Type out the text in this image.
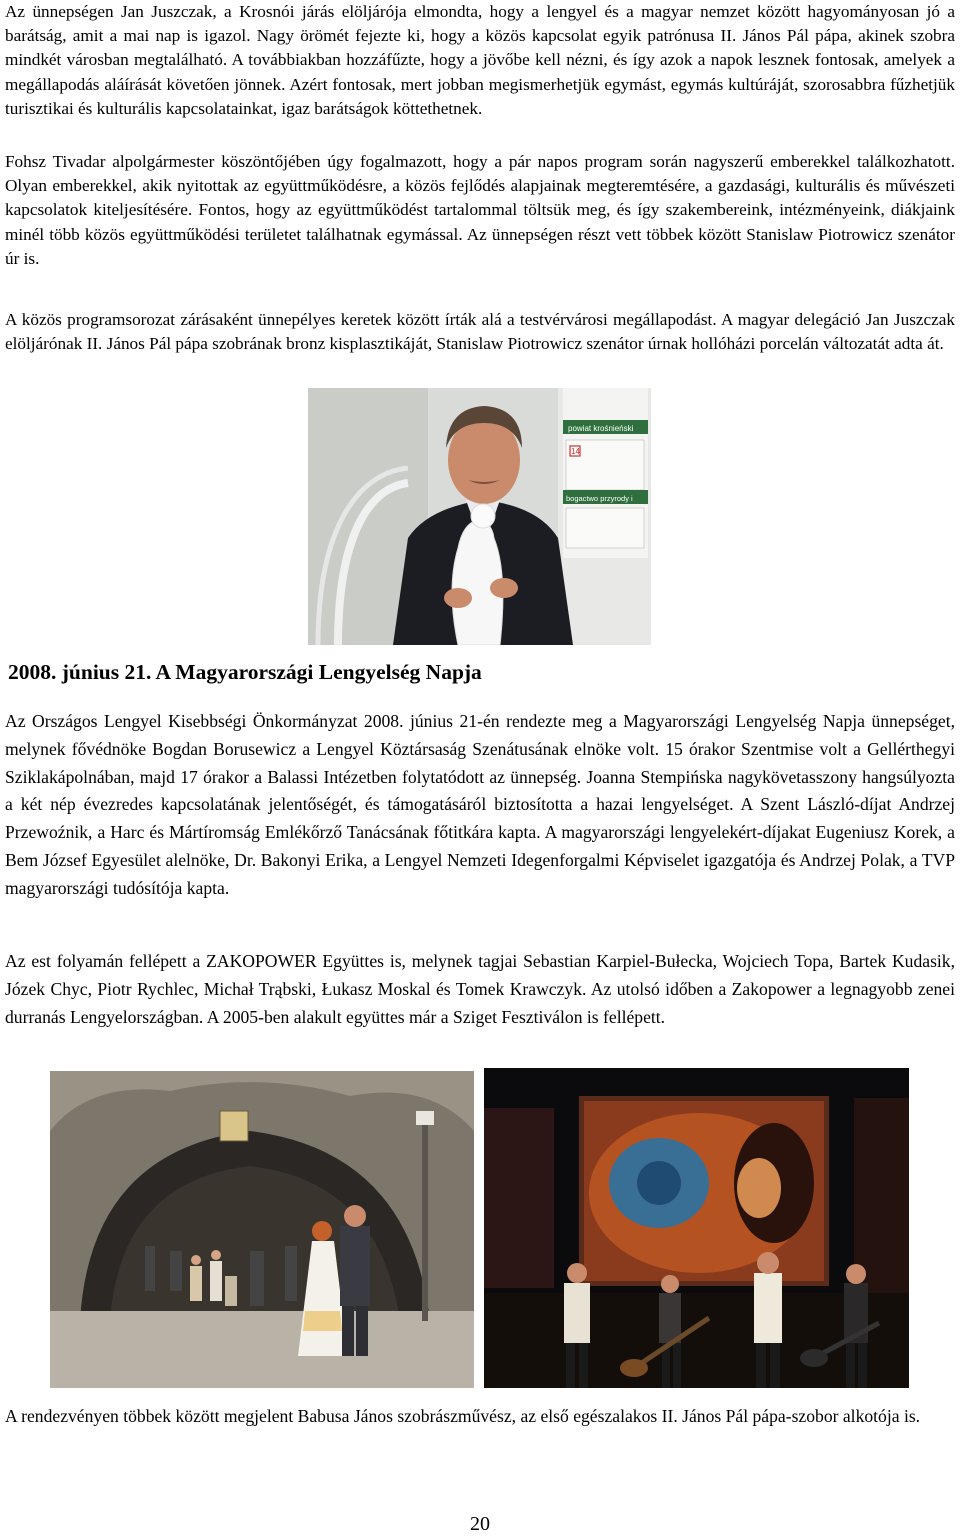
Az ünnepségen Jan Juszczak, a Krosnói járás elöljárója elmondta, hogy a lengyel és a magyar nemzet között hagyományosan jó a barátság, amit a mai nap is igazol. Nagy örömét fejezte ki, hogy a közös kapcsolat egyik patrónusa II. János Pál pápa, akinek szobra mindkét városban megtalálható. A továbbiakban hozzáfűzte, hogy a jövőbe kell nézni, és így azok a napok lesznek fontosak, amelyek a megállapodás aláírását követően jönnek. Azért fontosak, mert jobban megismerhetjük egymást, egymás kultúráját, szorosabbra fűzhetjük turisztikai és kulturális kapcsolatainkat, igaz barátságok köttethetnek.

Fohsz Tivadar alpolgármester köszöntőjében úgy fogalmazott, hogy a pár napos program során nagyszerű emberekkel találkozhatott. Olyan emberekkel, akik nyitottak az együttműködésre, a közös fejlődés alapjainak megteremtésére, a gazdasági, kulturális és művészeti kapcsolatok kiteljesítésére. Fontos, hogy az együttműködést tartalommal töltsük meg, és így szakembereink, intézményeink, diákjaink minél több közös együttműködési területet találhatnak egymással. Az ünnepségen részt vett többek között Stanislaw Piotrowicz szenátor úr is.

A közös programsorozat zárásaként ünnepélyes keretek között írták alá a testvérvárosi megállapodást. A magyar delegáció Jan Juszczak elöljárónak II. János Pál pápa szobrának bronz kisplasztikáját, Stanislaw Piotrowicz szenátor úrnak hollóházi porcelán változatát adta át.

powiat krośnieński
14
bogactwo przyrody i
2008. június 21. A Magyarországi Lengyelség Napja

Az Országos Lengyel Kisebbségi Önkormányzat 2008. június 21-én rendezte meg a Magyarországi Lengyelség Napja ünnepséget, melynek fővédnöke Bogdan Borusewicz a Lengyel Köztársaság Szenátusának elnöke volt. 15 órakor Szentmise volt a Gellérthegyi Sziklakápolnában, majd 17 órakor a Balassi Intézetben folytatódott az ünnepség. Joanna Stempińska nagykövetasszony hangsúlyozta a két nép évezredes kapcsolatának jelentőségét, és támogatásáról biztosította a hazai lengyelséget. A Szent László-díjat Andrzej Przewoźnik, a Harc és Mártíromság Emlékőrző Tanácsának főtitkára kapta. A magyarországi lengyelekért-díjakat Eugeniusz Korek, a Bem József Egyesület alelnöke, Dr. Bakonyi Erika, a Lengyel Nemzeti Idegenforgalmi Képviselet igazgatója és Andrzej Polak, a TVP magyarországi tudósítója kapta.

Az est folyamán fellépett a ZAKOPOWER Együttes is, melynek tagjai Sebastian Karpiel-Bułecka, Wojciech Topa, Bartek Kudasik, Józek Chyc, Piotr Rychlec, Michał Trąbski, Łukasz Moskal és Tomek Krawczyk. Az utolsó időben a Zakopower a legnagyobb zenei durranás Lengyelországban. A 2005-ben alakult együttes már a Sziget Fesztiválon is fellépett.

A rendezvényen többek között megjelent Babusa János szobrászművész, az első egészalakos II. János Pál pápa-szobor alkotója is.

20
